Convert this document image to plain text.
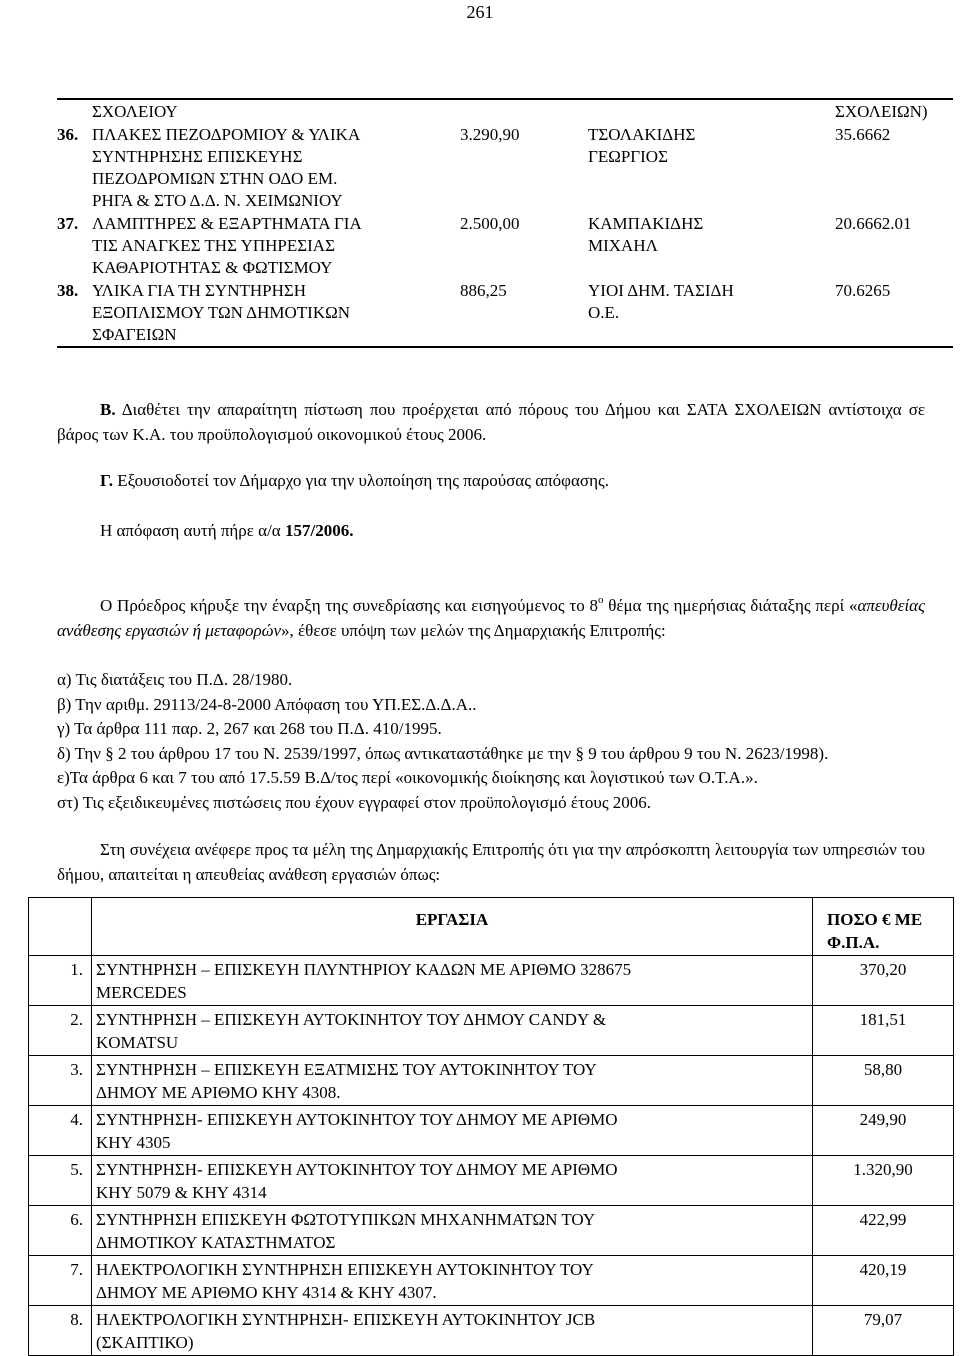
261
	ΣΧΟΛΕΙΟΥ			ΣΧΟΛΕΙΩΝ)
36.	ΠΛΑΚΕΣ ΠΕΖΟΔΡΟΜΙΟΥ & ΥΛΙΚΑ
ΣΥΝΤΗΡΗΣΗΣ ΕΠΙΣΚΕΥΗΣ
ΠΕΖΟΔΡΟΜΙΩΝ ΣΤΗΝ ΟΔΟ ΕΜ.
ΡΗΓΑ & ΣΤΟ Δ.Δ. Ν. ΧΕΙΜΩΝΙΟΥ	3.290,90	ΤΣΟΛΑΚΙΔΗΣ
ΓΕΩΡΓΙΟΣ	35.6662
37.	ΛΑΜΠΤΗΡΕΣ & ΕΞΑΡΤΗΜΑΤΑ ΓΙΑ
ΤΙΣ ΑΝΑΓΚΕΣ ΤΗΣ ΥΠΗΡΕΣΙΑΣ
ΚΑΘΑΡΙΟΤΗΤΑΣ & ΦΩΤΙΣΜΟΥ	2.500,00	ΚΑΜΠΑΚΙΔΗΣ
ΜΙΧΑΗΛ	20.6662.01
38.	ΥΛΙΚΑ ΓΙΑ ΤΗ ΣΥΝΤΗΡΗΣΗ
ΕΞΟΠΛΙΣΜΟΥ ΤΩΝ ΔΗΜΟΤΙΚΩΝ
ΣΦΑΓΕΙΩΝ	886,25	ΥΙΟΙ ΔΗΜ. ΤΑΣΙΔΗ
Ο.Ε.	70.6265
Β. Διαθέτει την απαραίτητη πίστωση που προέρχεται από πόρους του Δήμου και ΣΑΤΑ ΣΧΟΛΕΙΩΝ αντίστοιχα σε βάρος των Κ.Α. του προϋπολογισμού οικονομικού έτους 2006.
Γ. Εξουσιοδοτεί τον Δήμαρχο για την υλοποίηση της παρούσας απόφασης.
Η απόφαση αυτή πήρε α/α 157/2006.
Ο Πρόεδρος κήρυξε την έναρξη της συνεδρίασης και εισηγούμενος το $8^o$ θέμα της ημερήσιας διάταξης περί «απευθείας ανάθεσης εργασιών ή μεταφορών», έθεσε υπόψη των μελών της Δημαρχιακής Επιτροπής:
α) Τις διατάξεις του Π.Δ. 28/1980.
β) Την αριθμ. 29113/24-8-2000 Απόφαση του ΥΠ.ΕΣ.Δ.Δ.Α..
γ) Τα άρθρα 111 παρ. 2, 267 και 268 του Π.Δ. 410/1995.
δ) Την § 2 του άρθρου 17 του Ν. 2539/1997, όπως αντικαταστάθηκε με την § 9 του άρθρου 9 του Ν. 2623/1998).
ε)Τα άρθρα 6 και 7 του από 17.5.59 Β.Δ/τος περί «οικονομικής διοίκησης και λογιστικού των Ο.Τ.Α.».
στ) Τις εξειδικευμένες πιστώσεις που έχουν εγγραφεί στον προϋπολογισμό έτους 2006.
Στη συνέχεια ανέφερε προς τα μέλη της Δημαρχιακής Επιτροπής ότι για την απρόσκοπτη λειτουργία των υπηρεσιών του δήμου, απαιτείται η απευθείας ανάθεση εργασιών όπως:
	ΕΡΓΑΣΙΑ	ΠΟΣΟ € ΜΕ Φ.Π.Α.
1.	ΣΥΝΤΗΡΗΣΗ – ΕΠΙΣΚΕΥΗ ΠΛΥΝΤΗΡΙΟΥ ΚΑΔΩΝ ΜΕ ΑΡΙΘΜΟ 328675
MERCEDES	370,20
2.	ΣΥΝΤΗΡΗΣΗ – ΕΠΙΣΚΕΥΗ ΑΥΤΟΚΙΝΗΤΟΥ ΤΟΥ ΔΗΜΟΥ CANDY &
KOMATSU	181,51
3.	ΣΥΝΤΗΡΗΣΗ – ΕΠΙΣΚΕΥΗ ΕΞΑΤΜΙΣΗΣ ΤΟΥ ΑΥΤΟΚΙΝΗΤΟΥ ΤΟΥ
ΔΗΜΟΥ ΜΕ ΑΡΙΘΜΟ ΚΗΥ 4308.	58,80
4.	ΣΥΝΤΗΡΗΣΗ- ΕΠΙΣΚΕΥΗ ΑΥΤΟΚΙΝΗΤΟΥ ΤΟΥ ΔΗΜΟΥ ΜΕ ΑΡΙΘΜΟ
ΚΗΥ 4305	249,90
5.	ΣΥΝΤΗΡΗΣΗ- ΕΠΙΣΚΕΥΗ ΑΥΤΟΚΙΝΗΤΟΥ ΤΟΥ ΔΗΜΟΥ ΜΕ ΑΡΙΘΜΟ
ΚΗΥ 5079 & ΚΗΥ 4314	1.320,90
6.	ΣΥΝΤΗΡΗΣΗ ΕΠΙΣΚΕΥΗ ΦΩΤΟΤΥΠΙΚΩΝ ΜΗΧΑΝΗΜΑΤΩΝ ΤΟΥ
ΔΗΜΟΤΙΚΟΥ ΚΑΤΑΣΤΗΜΑΤΟΣ	422,99
7.	ΗΛΕΚΤΡΟΛΟΓΙΚΗ ΣΥΝΤΗΡΗΣΗ ΕΠΙΣΚΕΥΗ ΑΥΤΟΚΙΝΗΤΟΥ ΤΟΥ
ΔΗΜΟΥ ΜΕ ΑΡΙΘΜΟ ΚΗΥ 4314 & ΚΗΥ 4307.	420,19
8.	ΗΛΕΚΤΡΟΛΟΓΙΚΗ ΣΥΝΤΗΡΗΣΗ- ΕΠΙΣΚΕΥΗ ΑΥΤΟΚΙΝΗΤΟΥ JCB
(ΣΚΑΠΤΙΚΟ)	79,07
